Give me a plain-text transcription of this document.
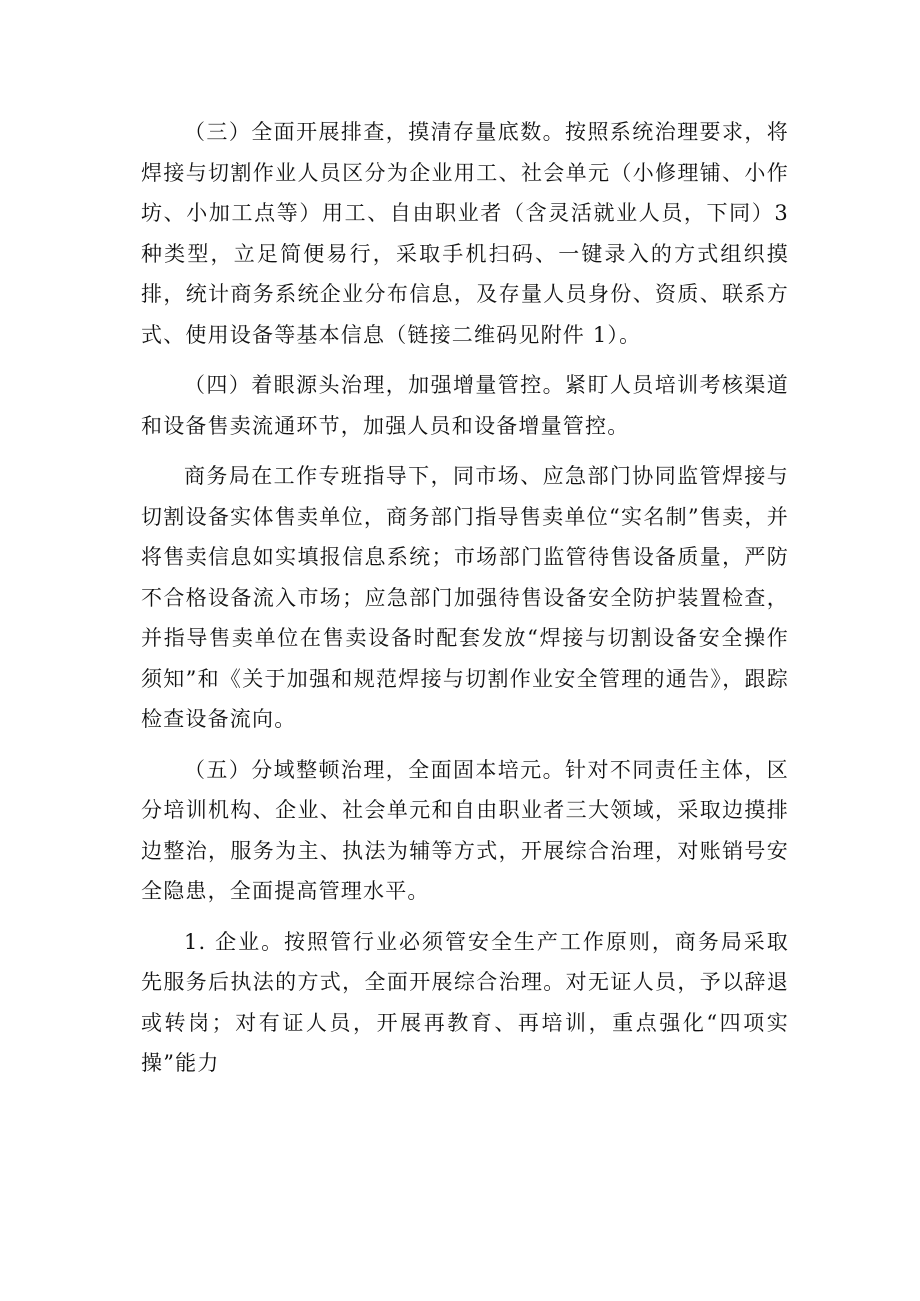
（三）全面开展排查，摸清存量底数。按照系统治理要求，将焊接与切割作业人员区分为企业用工、社会单元（小修理铺、小作坊、小加工点等）用工、自由职业者（含灵活就业人员，下同）3 种类型，立足简便易行，采取手机扫码、一键录入的方式组织摸排，统计商务系统企业分布信息，及存量人员身份、资质、联系方式、使用设备等基本信息（链接二维码见附件 1）。

（四）着眼源头治理，加强增量管控。紧盯人员培训考核渠道和设备售卖流通环节，加强人员和设备增量管控。

商务局在工作专班指导下，同市场、应急部门协同监管焊接与切割设备实体售卖单位，商务部门指导售卖单位“实名制”售卖，并将售卖信息如实填报信息系统；市场部门监管待售设备质量，严防不合格设备流入市场；应急部门加强待售设备安全防护装置检查，并指导售卖单位在售卖设备时配套发放“焊接与切割设备安全操作须知”和《关于加强和规范焊接与切割作业安全管理的通告》，跟踪检查设备流向。

（五）分域整顿治理，全面固本培元。针对不同责任主体，区分培训机构、企业、社会单元和自由职业者三大领域，采取边摸排边整治，服务为主、执法为辅等方式，开展综合治理，对账销号安全隐患，全面提高管理水平。

1. 企业。按照管行业必须管安全生产工作原则，商务局采取先服务后执法的方式，全面开展综合治理。对无证人员，予以辞退或转岗；对有证人员，开展再教育、再培训，重点强化“四项实操”能力
